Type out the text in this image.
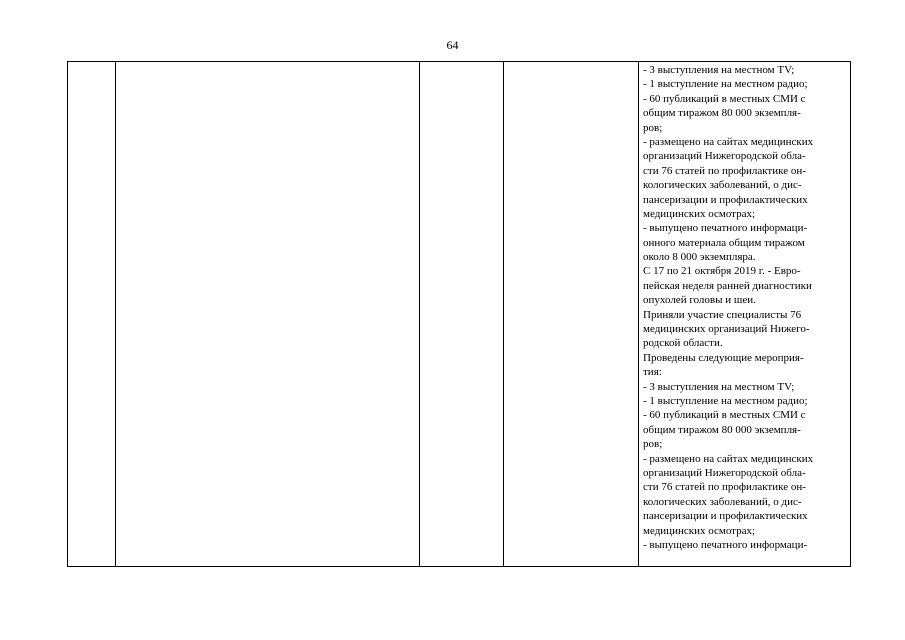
64

- 3 выступления на местном TV;
- 1 выступление на местном радио;
- 60 публикаций в местных СМИ с
общим тиражом 80 000 экземпля-
ров;
- размещено на сайтах медицинских
организаций Нижегородской обла-
сти 76 статей по профилактике он-
кологических заболеваний, о дис-
пансеризации и профилактических
медицинских осмотрах;
- выпущено печатного информаци-
онного материала общим тиражом
около 8 000 экземпляра.
С 17 по 21 октября 2019 г. - Евро-
пейская неделя ранней диагностики
опухолей головы и шеи.
Приняли участие специалисты 76
медицинских организаций Нижего-
родской области.
Проведены следующие мероприя-
тия:
- 3 выступления на местном TV;
- 1 выступление на местном радио;
- 60 публикаций в местных СМИ с
общим тиражом 80 000 экземпля-
ров;
- размещено на сайтах медицинских
организаций Нижегородской обла-
сти 76 статей по профилактике он-
кологических заболеваний, о дис-
пансеризации и профилактических
медицинских осмотрах;
- выпущено печатного информаци-
